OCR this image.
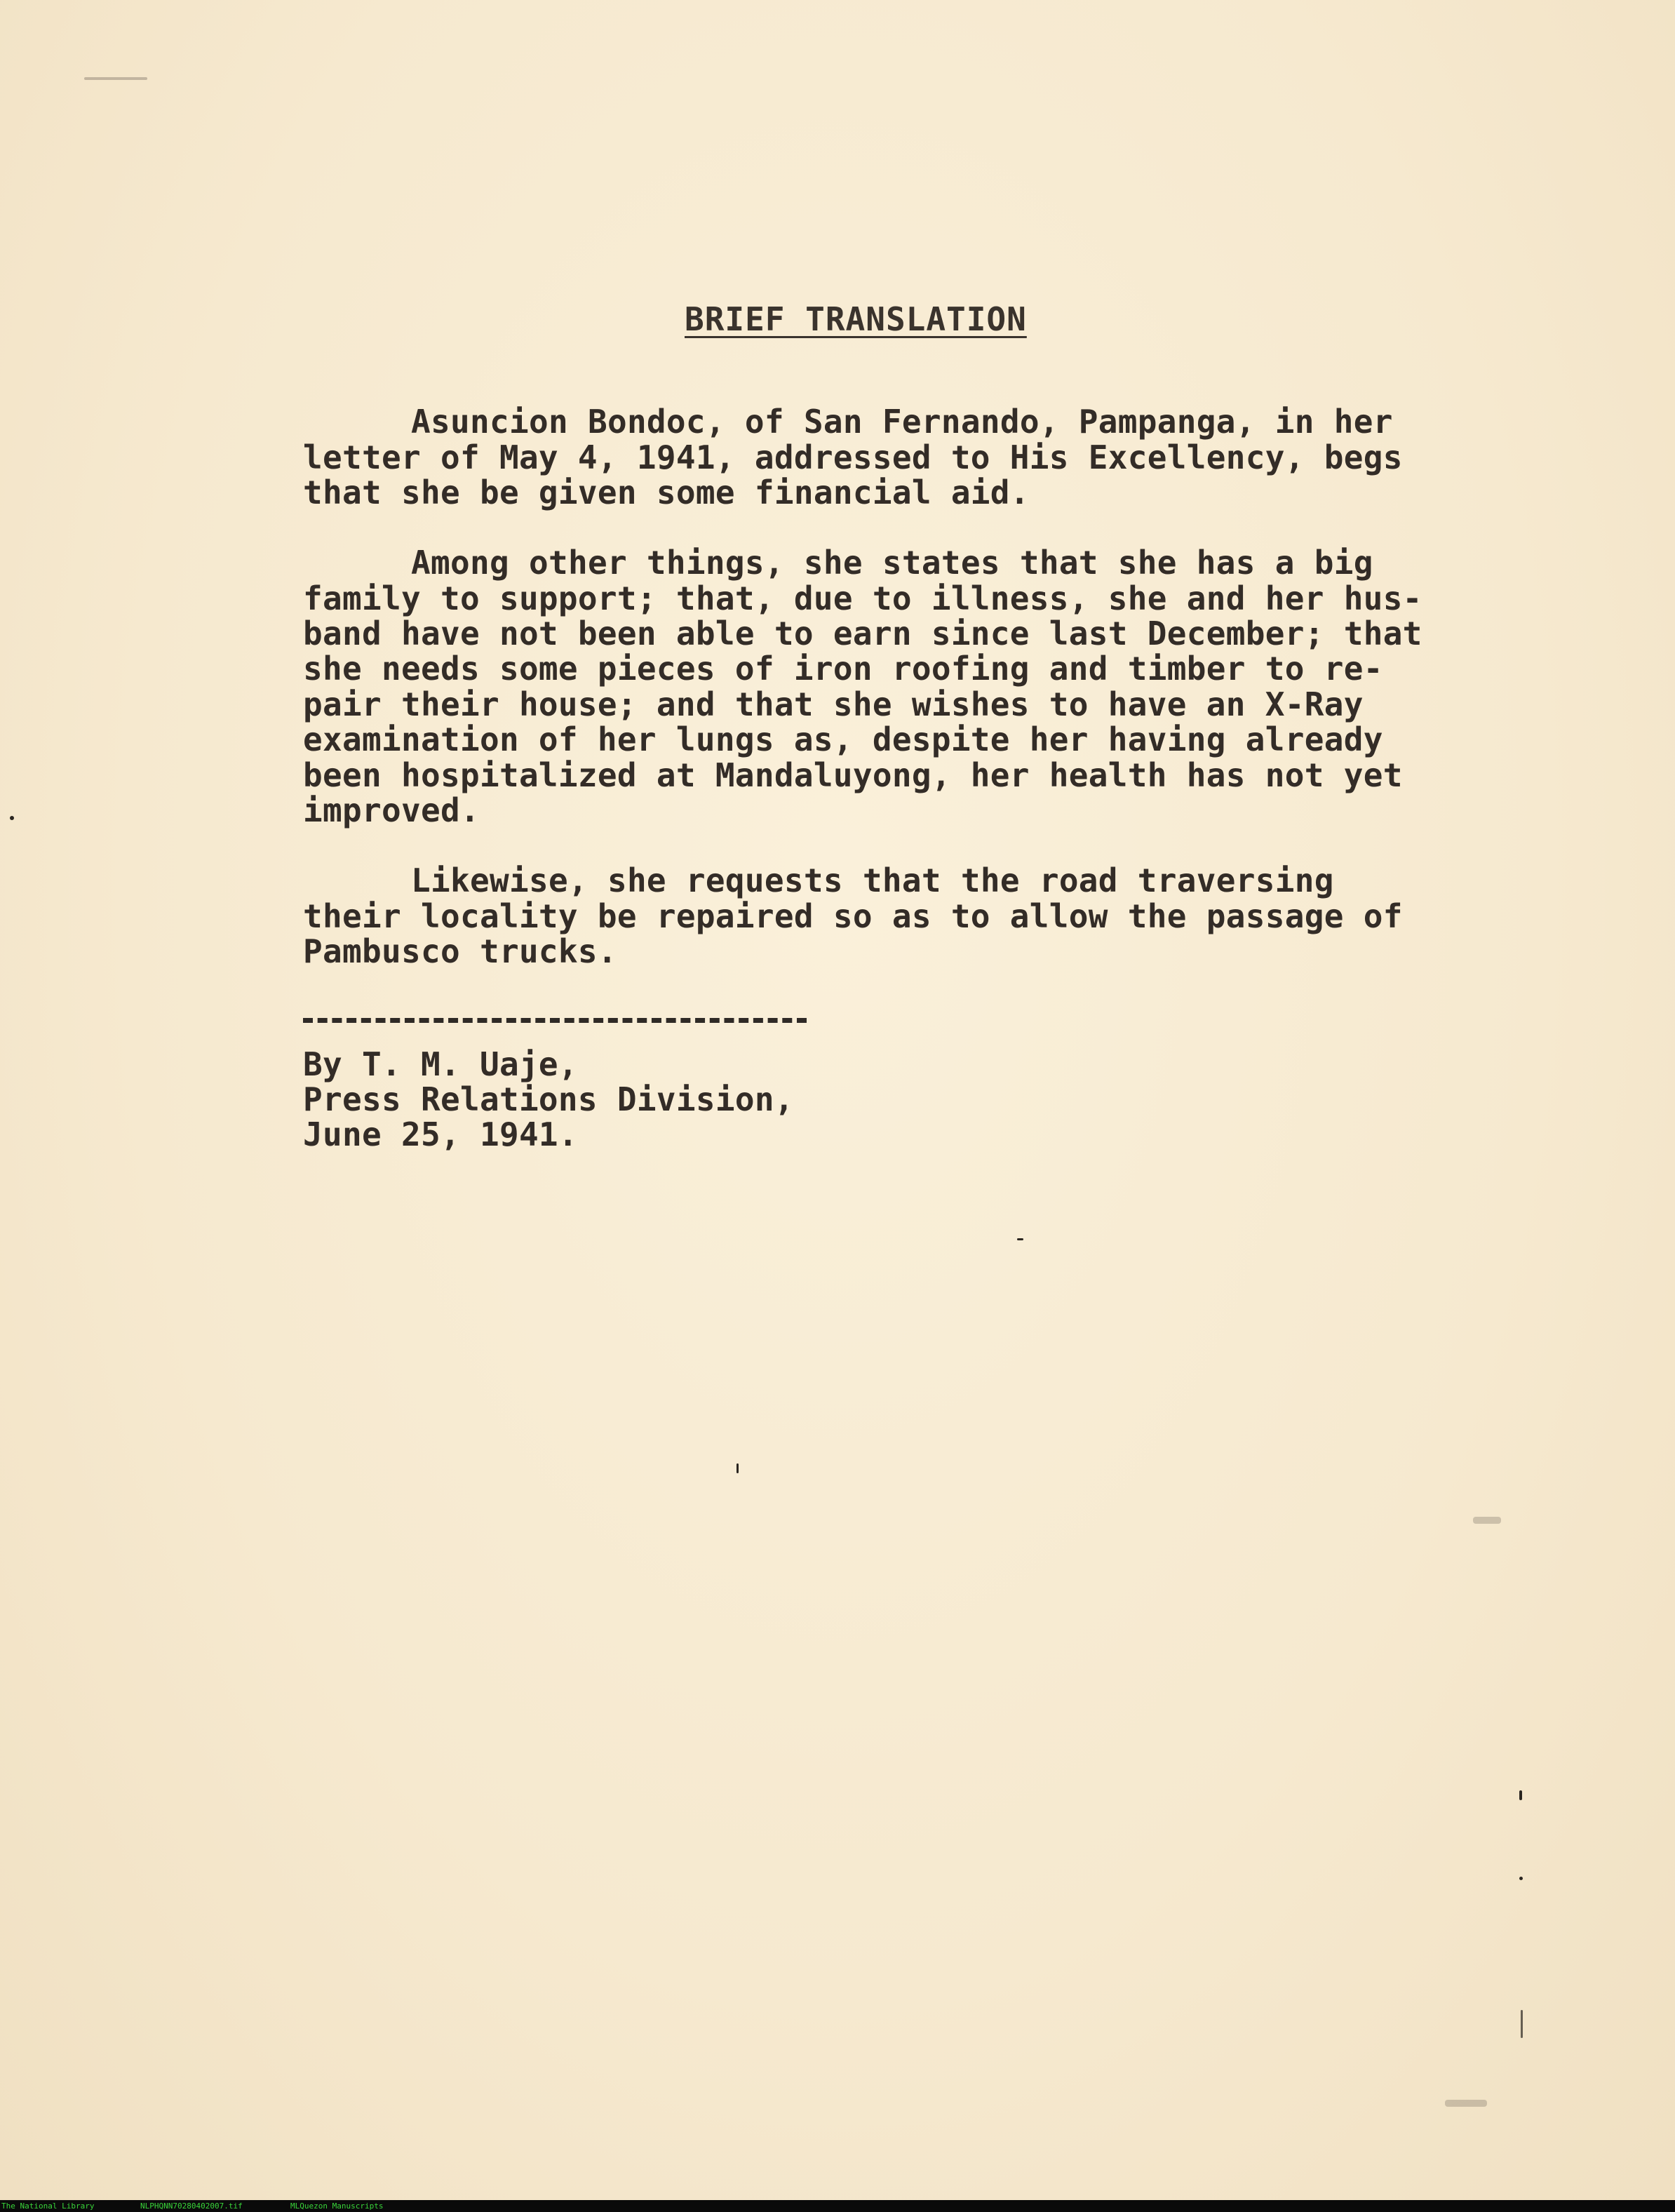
BRIEF TRANSLATION
Asuncion Bondoc, of San Fernando, Pampanga, in her
letter of May 4, 1941, addressed to His Excellency, begs
that she be given some financial aid.
Among other things, she states that she has a big
family to support; that, due to illness, she and her hus-
band have not been able to earn since last December; that
she needs some pieces of iron roofing and timber to re-
pair their house; and that she wishes to have an X-Ray
examination of her lungs as, despite her having already
been hospitalized at Mandaluyong, her health has not yet
improved.
Likewise, she requests that the road traversing
their locality be repaired so as to allow the passage of
Pambusco trucks.
By T. M. Uaje,
Press Relations Division,
June 25, 1941.
The National Library	NLPHQNN70280402007.tif	MLQuezon Manuscripts
